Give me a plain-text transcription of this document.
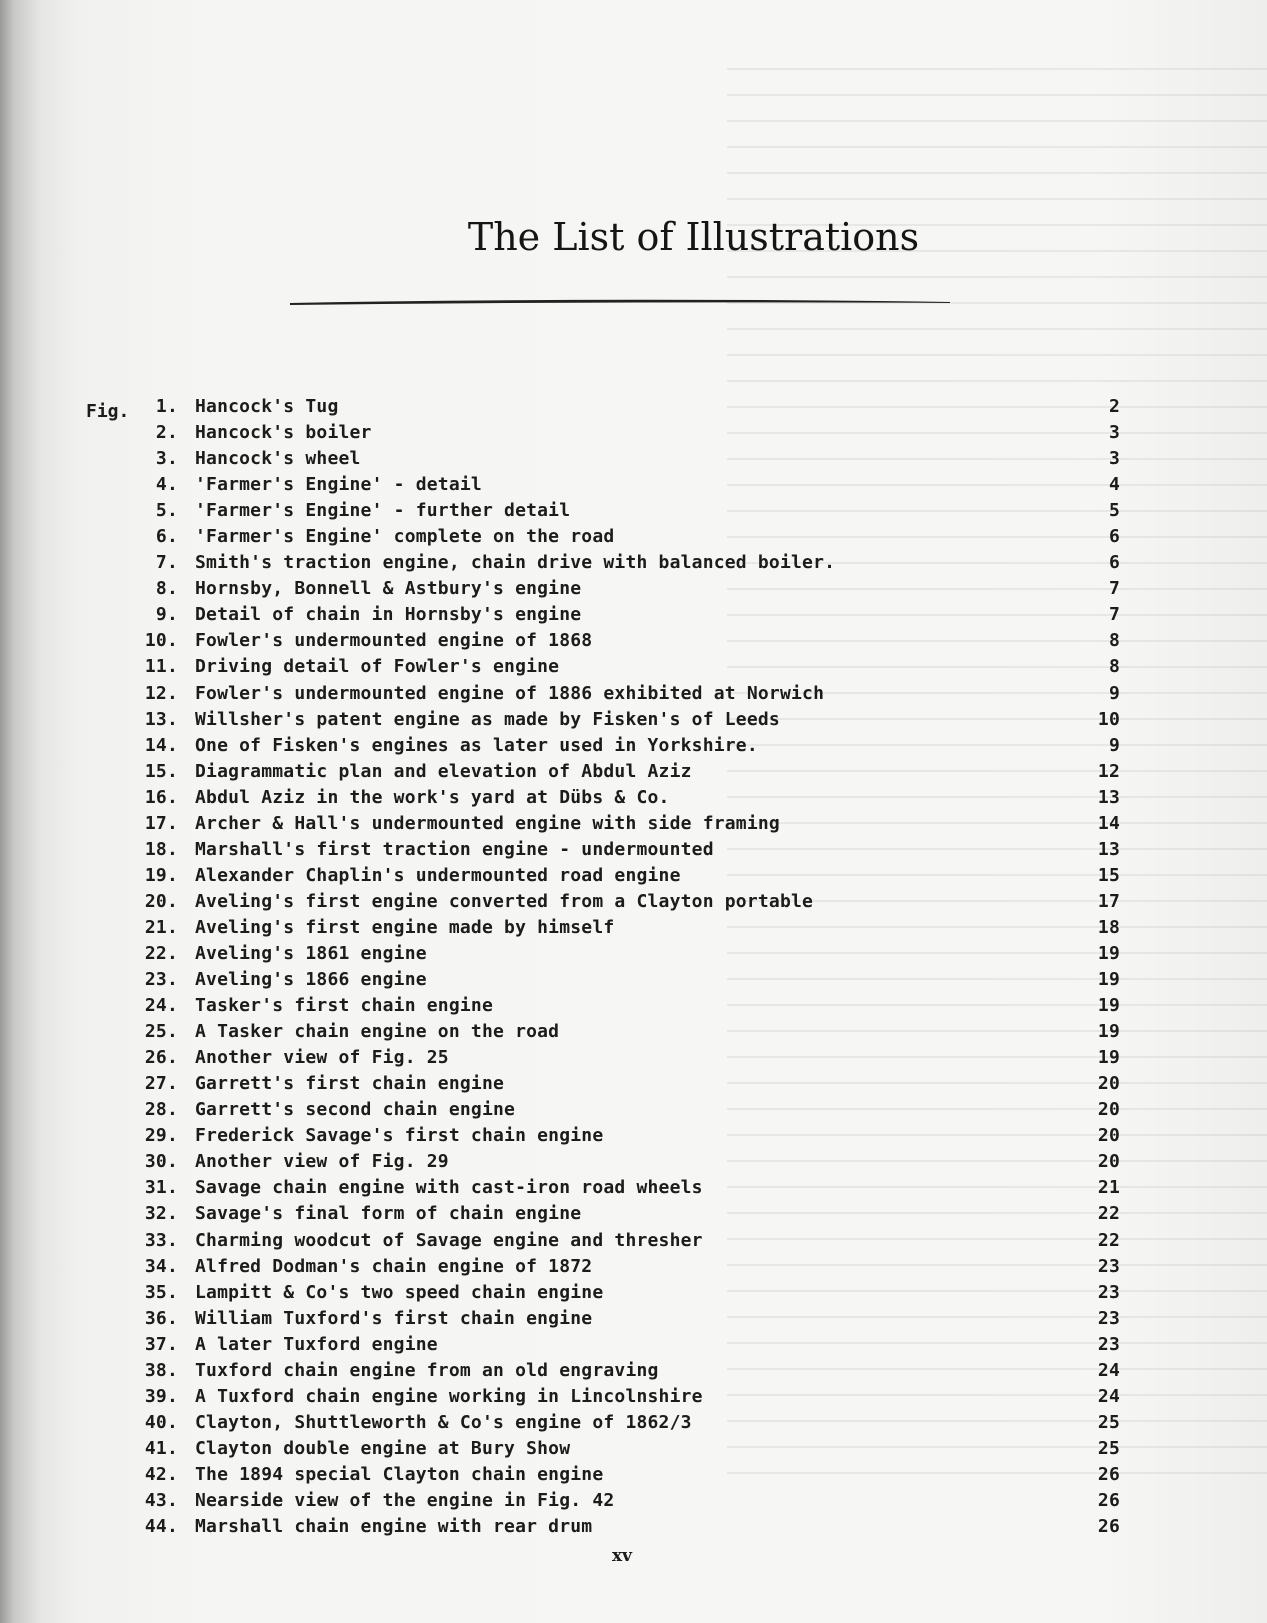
The List of Illustrations
Fig.	1. Hancock's Tug	2
2. Hancock's boiler	3
3. Hancock's wheel	3
4. 'Farmer's Engine' - detail	4
5. 'Farmer's Engine' - further detail	5
6. 'Farmer's Engine' complete on the road	6
7. Smith's traction engine, chain drive with balanced boiler.	6
8. Hornsby, Bonnell & Astbury's engine	7
9. Detail of chain in Hornsby's engine	7
10. Fowler's undermounted engine of 1868	8
11. Driving detail of Fowler's engine	8
12. Fowler's undermounted engine of 1886 exhibited at Norwich	9
13. Willsher's patent engine as made by Fisken's of Leeds	10
14. One of Fisken's engines as later used in Yorkshire.	9
15. Diagrammatic plan and elevation of Abdul Aziz	12
16. Abdul Aziz in the work's yard at Dübs & Co.	13
17. Archer & Hall's undermounted engine with side framing	14
18. Marshall's first traction engine - undermounted	13
19. Alexander Chaplin's undermounted road engine	15
20. Aveling's first engine converted from a Clayton portable	17
21. Aveling's first engine made by himself	18
22. Aveling's 1861 engine	19
23. Aveling's 1866 engine	19
24. Tasker's first chain engine	19
25. A Tasker chain engine on the road	19
26. Another view of Fig. 25	19
27. Garrett's first chain engine	20
28. Garrett's second chain engine	20
29. Frederick Savage's first chain engine	20
30. Another view of Fig. 29	20
31. Savage chain engine with cast-iron road wheels	21
32. Savage's final form of chain engine	22
33. Charming woodcut of Savage engine and thresher	22
34. Alfred Dodman's chain engine of 1872	23
35. Lampitt & Co's two speed chain engine	23
36. William Tuxford's first chain engine	23
37. A later Tuxford engine	23
38. Tuxford chain engine from an old engraving	24
39. A Tuxford chain engine working in Lincolnshire	24
40. Clayton, Shuttleworth & Co's engine of 1862/3	25
41. Clayton double engine at Bury Show	25
42. The 1894 special Clayton chain engine	26
43. Nearside view of the engine in Fig. 42	26
44. Marshall chain engine with rear drum	26
xv
